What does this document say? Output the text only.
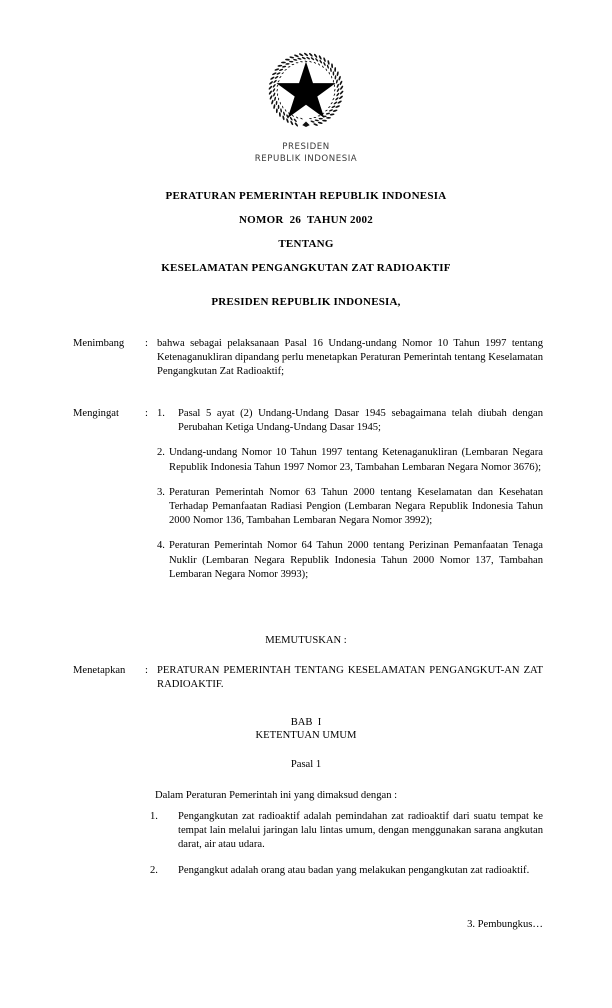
PRESIDEN
REPUBLIK INDONESIA
PERATURAN PEMERINTAH REPUBLIK INDONESIA
NOMOR  26  TAHUN 2002
TENTANG
KESELAMATAN PENGANGKUTAN ZAT RADIOAKTIF
PRESIDEN REPUBLIK INDONESIA,
Menimbang	: bahwa sebagai pelaksanaan Pasal 16 Undang-undang Nomor 10 Tahun 1997 tentang Ketenaganukliran dipandang perlu menetapkan Peraturan Pemerintah tentang Keselamatan Pengangkutan Zat Radioaktif;
Mengingat	: 1.	Pasal 5 ayat (2) Undang-Undang Dasar 1945 sebagaimana telah diubah dengan Perubahan Ketiga Undang-Undang Dasar 1945;
2. Undang-undang Nomor 10 Tahun 1997 tentang Ketenaganukliran (Lembaran Negara Republik Indonesia Tahun 1997 Nomor 23, Tambahan Lembaran Negara Nomor 3676);
3. Peraturan Pemerintah Nomor 63 Tahun 2000 tentang Keselamatan dan Kesehatan Terhadap Pemanfaatan Radiasi Pengion (Lembaran Negara Republik Indonesia Tahun 2000 Nomor 136, Tambahan Lembaran Negara Nomor 3992);
4. Peraturan Pemerintah Nomor 64 Tahun 2000 tentang Perizinan Pemanfaatan Tenaga Nuklir (Lembaran Negara Republik Indonesia Tahun 2000 Nomor 137, Tambahan Lembaran Negara Nomor 3993);
MEMUTUSKAN :
Menetapkan	: PERATURAN PEMERINTAH TENTANG KESELAMATAN PENGANGKUT-AN ZAT RADIOAKTIF.
BAB  I
KETENTUAN UMUM
Pasal 1
Dalam Peraturan Pemerintah ini yang dimaksud dengan :
1.	Pengangkutan zat radioaktif adalah pemindahan zat radioaktif dari suatu tempat ke tempat lain melalui jaringan lalu lintas umum, dengan menggunakan sarana angkutan darat, air atau udara.
2.	Pengangkut adalah orang atau badan yang melakukan pengangkutan zat radioaktif.
3. Pembungkus…
